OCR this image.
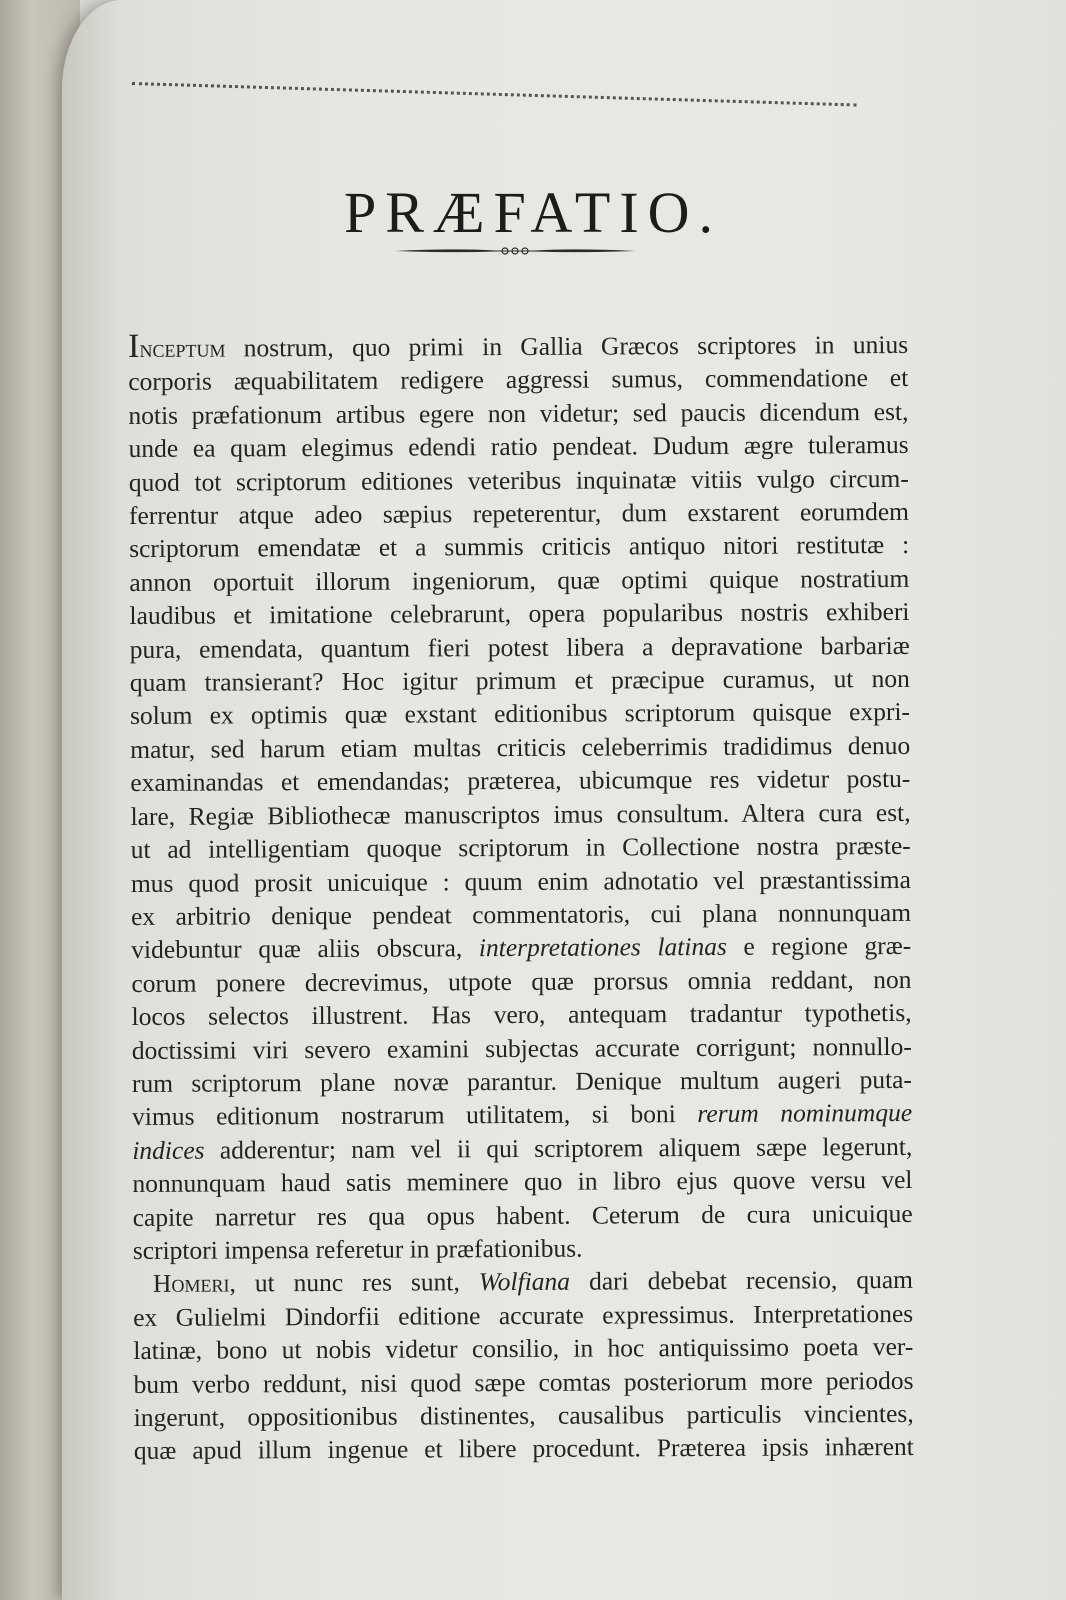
PRÆFATIO.
Inceptum nostrum, quo primi in Gallia Græcos scriptores in unius
corporis æquabilitatem redigere aggressi sumus, commendatione et
notis præfationum artibus egere non videtur; sed paucis dicendum est,
unde ea quam elegimus edendi ratio pendeat. Dudum ægre tuleramus
quod tot scriptorum editiones veteribus inquinatæ vitiis vulgo circum-
ferrentur atque adeo sæpius repeterentur, dum exstarent eorumdem
scriptorum emendatæ et a summis criticis antiquo nitori restitutæ :
annon oportuit illorum ingeniorum, quæ optimi quique nostratium
laudibus et imitatione celebrarunt, opera popularibus nostris exhiberi
pura, emendata, quantum fieri potest libera a depravatione barbariæ
quam transierant? Hoc igitur primum et præcipue curamus, ut non
solum ex optimis quæ exstant editionibus scriptorum quisque expri-
matur, sed harum etiam multas criticis celeberrimis tradidimus denuo
examinandas et emendandas; præterea, ubicumque res videtur postu-
lare, Regiæ Bibliothecæ manuscriptos imus consultum. Altera cura est,
ut ad intelligentiam quoque scriptorum in Collectione nostra præste-
mus quod prosit unicuique : quum enim adnotatio vel præstantissima
ex arbitrio denique pendeat commentatoris, cui plana nonnunquam
videbuntur quæ aliis obscura, interpretationes latinas e regione græ-
corum ponere decrevimus, utpote quæ prorsus omnia reddant, non
locos selectos illustrent. Has vero, antequam tradantur typothetis,
doctissimi viri severo examini subjectas accurate corrigunt; nonnullo-
rum scriptorum plane novæ parantur. Denique multum augeri puta-
vimus editionum nostrarum utilitatem, si boni rerum nominumque
indices adderentur; nam vel ii qui scriptorem aliquem sæpe legerunt,
nonnunquam haud satis meminere quo in libro ejus quove versu vel
capite narretur res qua opus habent. Ceterum de cura unicuique
scriptori impensa referetur in præfationibus.
Homeri, ut nunc res sunt, Wolfiana dari debebat recensio, quam
ex Gulielmi Dindorfii editione accurate expressimus. Interpretationes
latinæ, bono ut nobis videtur consilio, in hoc antiquissimo poeta ver-
bum verbo reddunt, nisi quod sæpe comtas posteriorum more periodos
ingerunt, oppositionibus distinentes, causalibus particulis vincientes,
quæ apud illum ingenue et libere procedunt. Præterea ipsis inhærent
